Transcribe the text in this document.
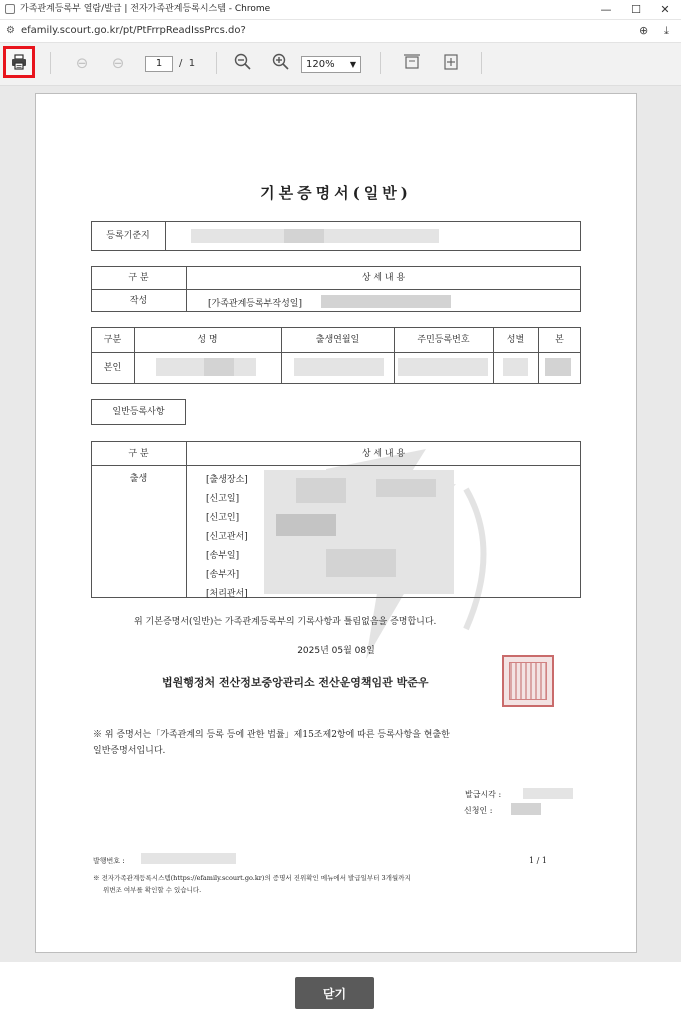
가족관계등록부 열람/발급 | 전자가족관계등록시스템 - Chrome	—	☐	✕
⚙ efamily.scourt.go.kr/pt/PtFrrpReadIssPrcs.do?	⊕ ⤓
⊖ ⊖	1	/ 1	120% ▼
기본증명서(일반)
등록기준지
구 분	상 세 내 용
작성	[가족관계등록부작성일]
구분	성 명	출생연월일	주민등록번호	성별	본
본인
일반등록사항
구 분	상 세 내 용
출생	[출생장소]
[신고일]
[신고인]
[신고관서]
[송부일]
[송부자]
[처리관서]
위 기본증명서(일반)는 가족관계등록부의 기록사항과 틀림없음을 증명합니다.
2025년 05월 08일
법원행정처 전산정보중앙관리소 전산운영책임관 박준우
※ 위 증명서는「가족관계의 등록 등에 관한 법률」제15조제2항에 따른 등록사항을 현출한
일반증명서입니다.
발급시각 :
신청인 :
발행번호 :	1 / 1
※ 전자가족관계등록시스템(https://efamily.scourt.go.kr)의 증명서 진위확인 메뉴에서 발급일부터 3개월까지
위변조 여부를 확인할 수 있습니다.
닫기
